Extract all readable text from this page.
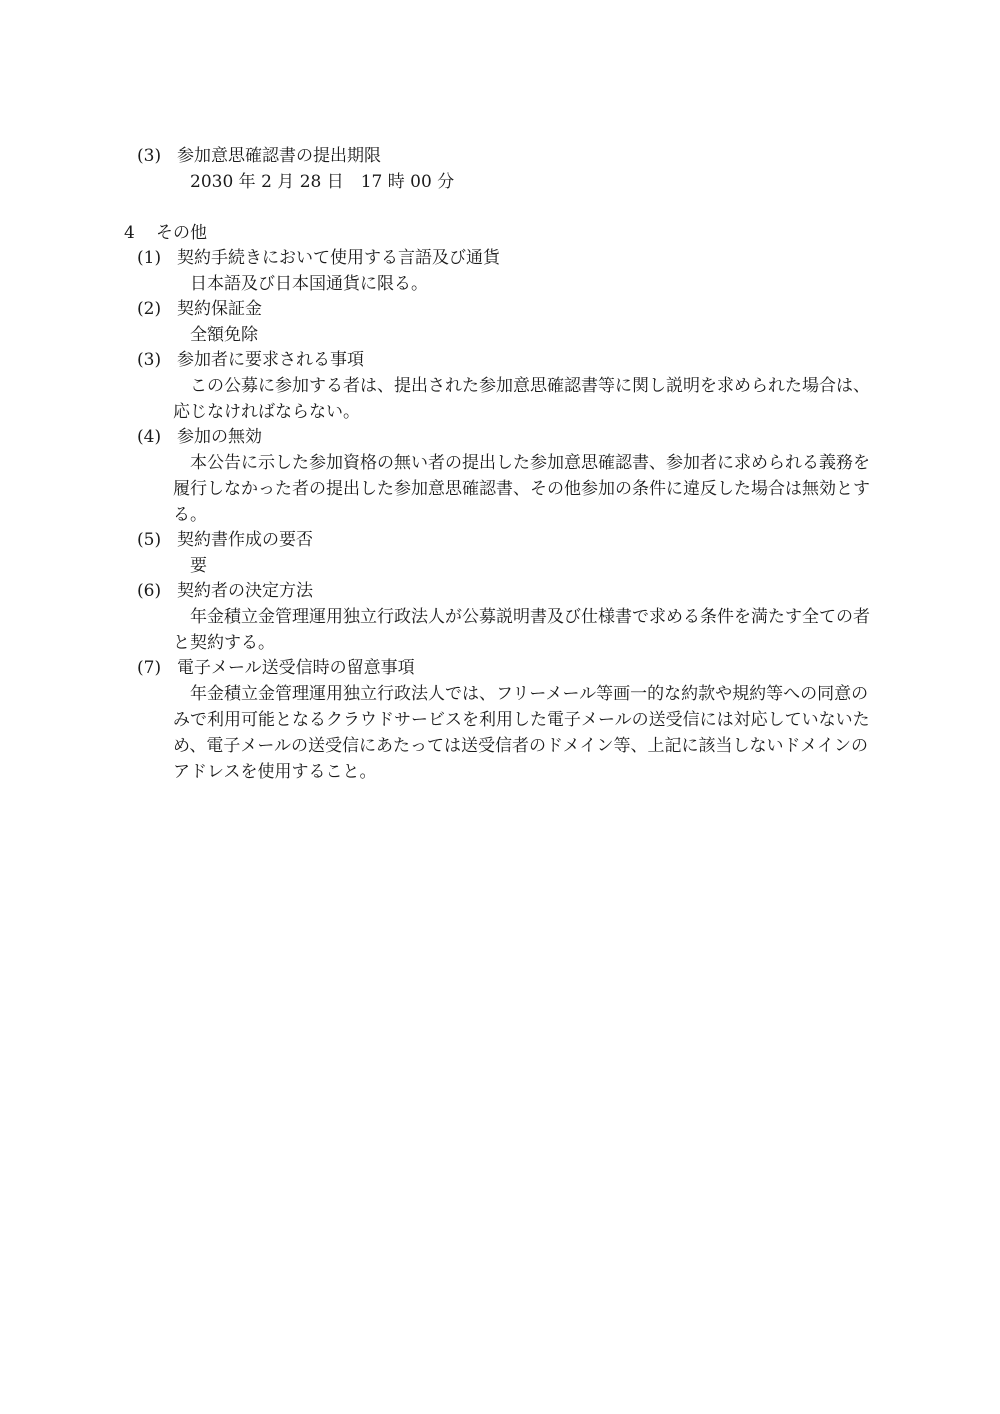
(3) 参加意思確認書の提出期限
2030 年 2 月 28 日　17 時 00 分
4 その他
(1) 契約手続きにおいて使用する言語及び通貨
日本語及び日本国通貨に限る。
(2) 契約保証金
全額免除
(3) 参加者に要求される事項
この公募に参加する者は、提出された参加意思確認書等に関し説明を求められた場合は、応じなければならない。
(4) 参加の無効
本公告に示した参加資格の無い者の提出した参加意思確認書、参加者に求められる義務を履行しなかった者の提出した参加意思確認書、その他参加の条件に違反した場合は無効とする。
(5) 契約書作成の要否
要
(6) 契約者の決定方法
年金積立金管理運用独立行政法人が公募説明書及び仕様書で求める条件を満たす全ての者と契約する。
(7) 電子メール送受信時の留意事項
年金積立金管理運用独立行政法人では、フリーメール等画一的な約款や規約等への同意のみで利用可能となるクラウドサービスを利用した電子メールの送受信には対応していないため、電子メールの送受信にあたっては送受信者のドメイン等、上記に該当しないドメインのアドレスを使用すること。
